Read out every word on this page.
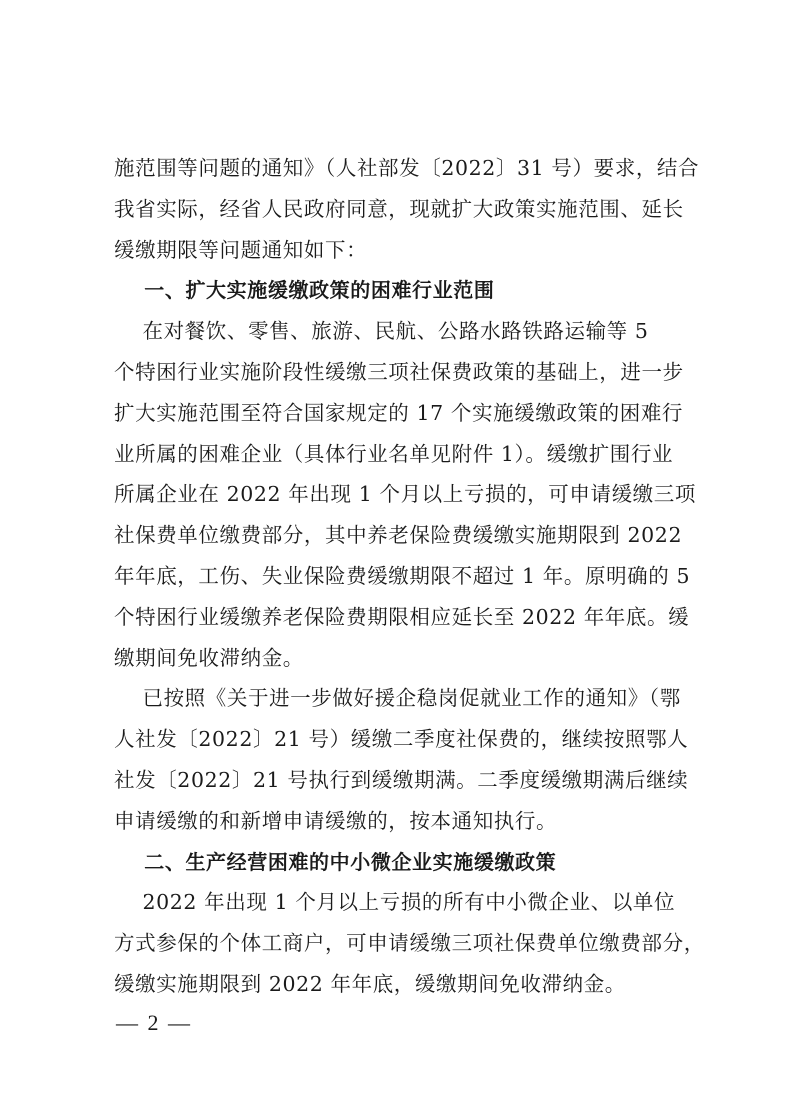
施范围等问题的通知》（人社部发〔2022〕31 号）要求，结合
我省实际，经省人民政府同意，现就扩大政策实施范围、延长
缓缴期限等问题通知如下：
一、扩大实施缓缴政策的困难行业范围
在对餐饮、零售、旅游、民航、公路水路铁路运输等 5
个特困行业实施阶段性缓缴三项社保费政策的基础上，进一步
扩大实施范围至符合国家规定的 17 个实施缓缴政策的困难行
业所属的困难企业（具体行业名单见附件 1）。缓缴扩围行业
所属企业在 2022 年出现 1 个月以上亏损的，可申请缓缴三项
社保费单位缴费部分，其中养老保险费缓缴实施期限到 2022
年年底，工伤、失业保险费缓缴期限不超过 1 年。原明确的 5
个特困行业缓缴养老保险费期限相应延长至 2022 年年底。缓
缴期间免收滞纳金。
已按照《关于进一步做好援企稳岗促就业工作的通知》（鄂
人社发〔2022〕21 号）缓缴二季度社保费的，继续按照鄂人
社发〔2022〕21 号执行到缓缴期满。二季度缓缴期满后继续
申请缓缴的和新增申请缓缴的，按本通知执行。
二、生产经营困难的中小微企业实施缓缴政策
2022 年出现 1 个月以上亏损的所有中小微企业、以单位
方式参保的个体工商户，可申请缓缴三项社保费单位缴费部分，
缓缴实施期限到 2022 年年底，缓缴期间免收滞纳金。
— 2 —
